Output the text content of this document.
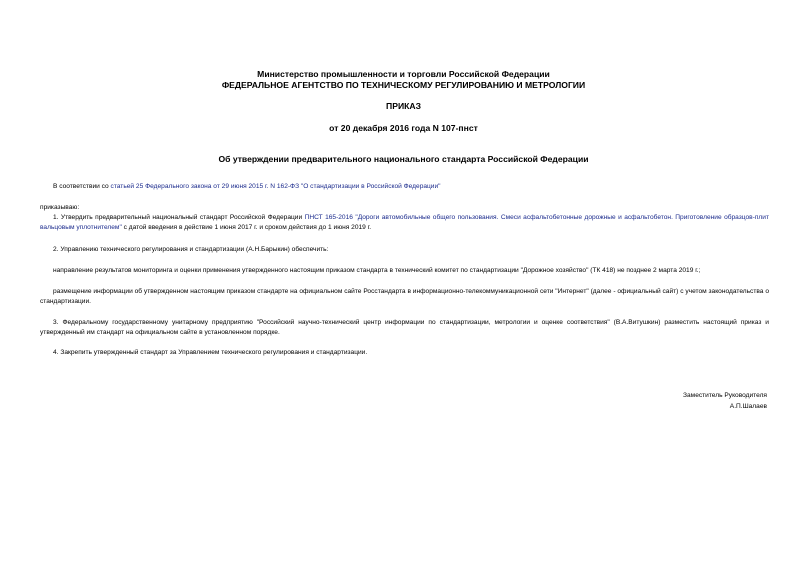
Министерство промышленности и торговли Российской Федерации
ФЕДЕРАЛЬНОЕ АГЕНТСТВО ПО ТЕХНИЧЕСКОМУ РЕГУЛИРОВАНИЮ И МЕТРОЛОГИИ
ПРИКАЗ
от 20 декабря 2016 года N 107-пнст
Об утверждении предварительного национального стандарта Российской Федерации
В соответствии со статьей 25 Федерального закона от 29 июня 2015 г. N 162-ФЗ "О стандартизации в Российской Федерации"
приказываю:
1. Утвердить предварительный национальный стандарт Российской Федерации ПНСТ 165-2016 "Дороги автомобильные общего пользования. Смеси асфальтобетонные дорожные и асфальтобетон. Приготовление образцов-плит вальцовым уплотнителем" с датой введения в действие 1 июня 2017 г. и сроком действия до 1 июня 2019 г.
2. Управлению технического регулирования и стандартизации (А.Н.Барыкин) обеспечить:
направление результатов мониторинга и оценки применения утвержденного настоящим приказом стандарта в технический комитет по стандартизации "Дорожное хозяйство" (ТК 418) не позднее 2 марта 2019 г.;
размещение информации об утвержденном настоящим приказом стандарте на официальном сайте Росстандарта в информационно-телекоммуникационной сети "Интернет" (далее - официальный сайт) с учетом законодательства о стандартизации.
3. Федеральному государственному унитарному предприятию "Российский научно-технический центр информации по стандартизации, метрологии и оценке соответствия" (В.А.Витушкин) разместить настоящий приказ и утвержденный им стандарт на официальном сайте в установленном порядке.
4. Закрепить утвержденный стандарт за Управлением технического регулирования и стандартизации.
Заместитель Руководителя
А.П.Шалаев
